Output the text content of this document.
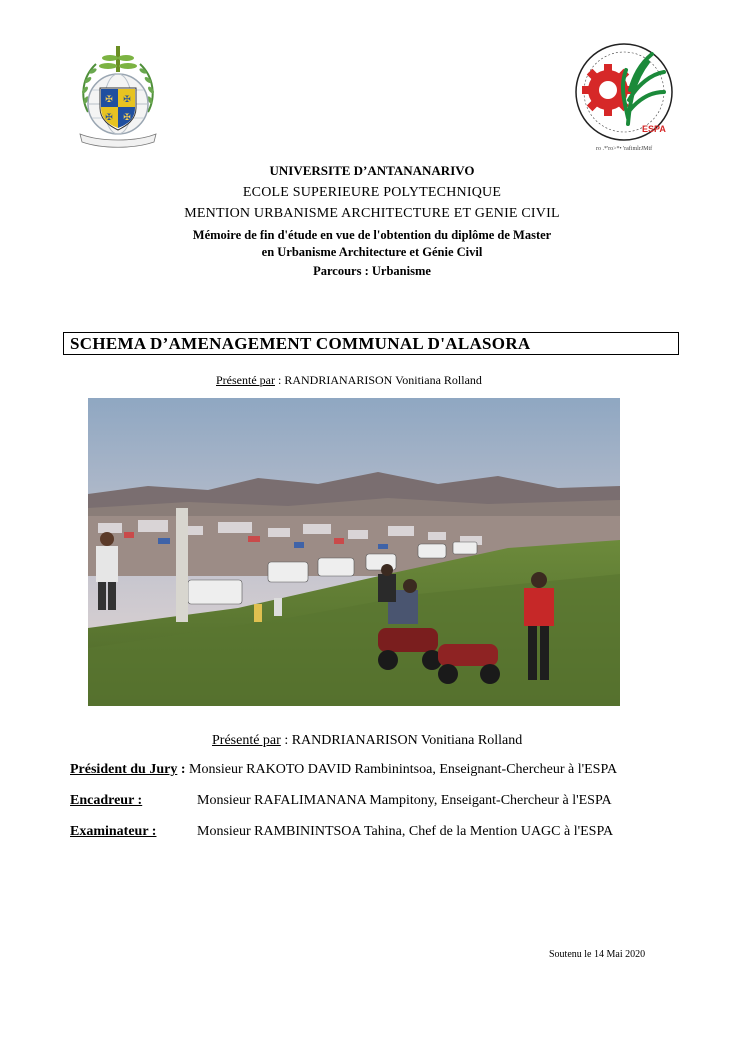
✠ ✠
✠ ✠
ESPA
ro .*'ro>*• 'rafimlrJMtf
UNIVERSITE D’ANTANANARIVO
ECOLE SUPERIEURE POLYTECHNIQUE
MENTION URBANISME ARCHITECTURE ET GENIE CIVIL
Mémoire de fin d'étude en vue de l'obtention du diplôme de Master
en Urbanisme Architecture et Génie Civil
Parcours : Urbanisme
SCHEMA D’AMENAGEMENT COMMUNAL D'ALASORA
Présenté par : RANDRIANARISON Vonitiana Rolland
Présenté par : RANDRIANARISON Vonitiana Rolland
Président du Jury : Monsieur RAKOTO DAVID Rambinintsoa, Enseignant-Chercheur à l'ESPA
Encadreur :	Monsieur RAFALIMANANA Mampitony, Enseigant-Chercheur à l'ESPA
Examinateur :	Monsieur RAMBININTSOA Tahina, Chef de la Mention UAGC à l'ESPA
Soutenu le 14 Mai 2020
